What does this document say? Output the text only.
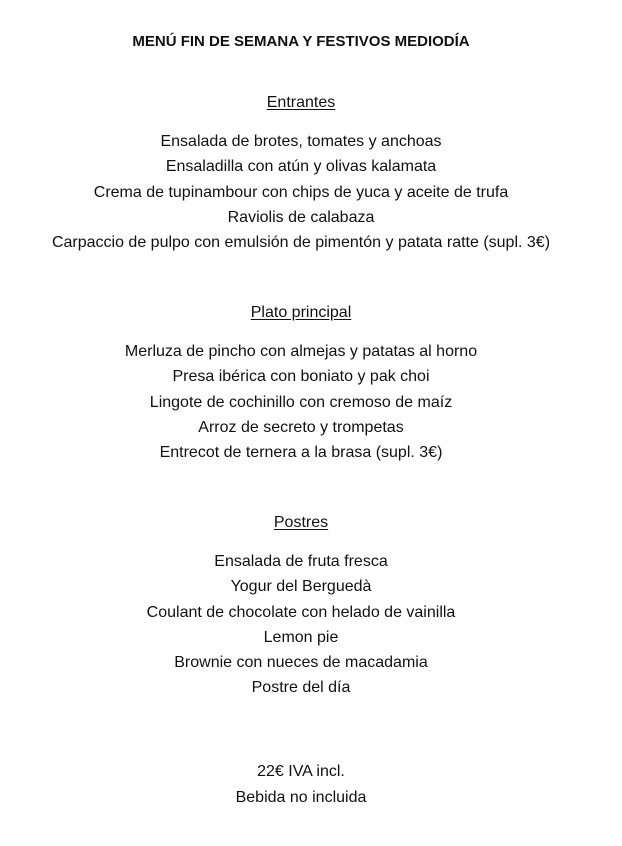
MENÚ FIN DE SEMANA Y FESTIVOS MEDIODÍA
Entrantes
Ensalada de brotes, tomates y anchoas
Ensaladilla con atún y olivas kalamata
Crema de tupinambour con chips de yuca y aceite de trufa
Raviolis de calabaza
Carpaccio de pulpo con emulsión de pimentón y patata ratte (supl. 3€)
Plato principal
Merluza de pincho con almejas y patatas al horno
Presa ibérica con boniato y pak choi
Lingote de cochinillo con cremoso de maíz
Arroz de secreto y trompetas
Entrecot de ternera a la brasa (supl. 3€)
Postres
Ensalada de fruta fresca
Yogur del Berguedà
Coulant de chocolate con helado de vainilla
Lemon pie
Brownie con nueces de macadamia
Postre del día
22€ IVA incl.
Bebida no incluida
